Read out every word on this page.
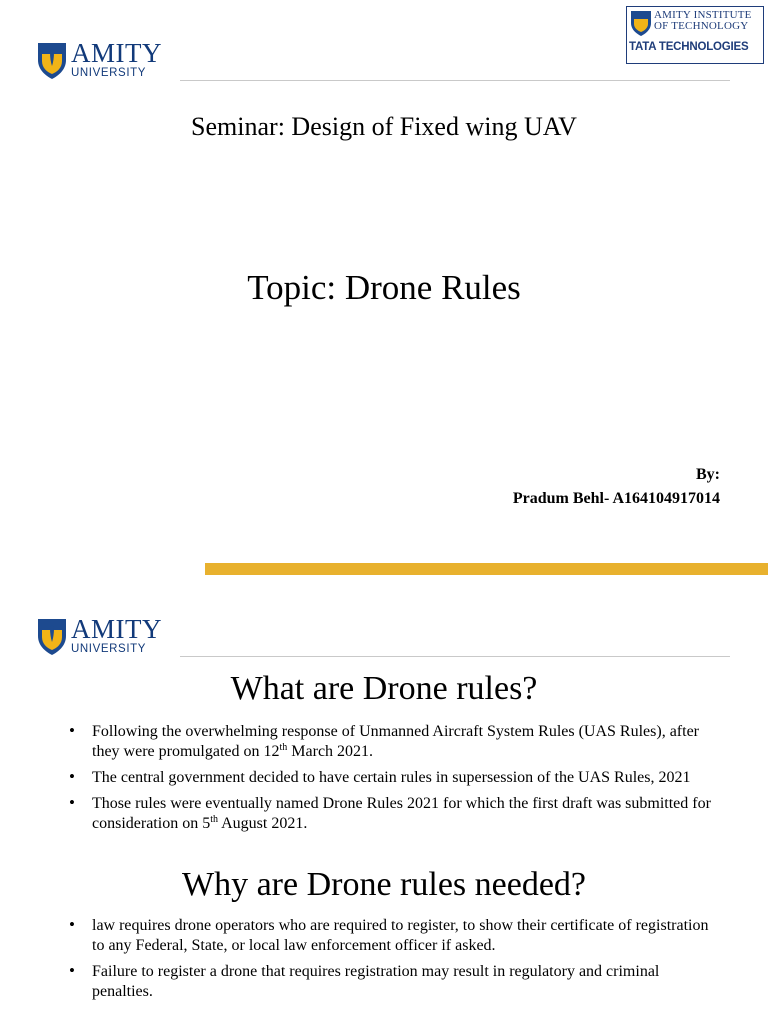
AMITY
UNIVERSITY
AMITY INSTITUTE
OF TECHNOLOGY
TATA TECHNOLOGIES
Seminar: Design of Fixed wing UAV
Topic: Drone Rules
By:
Pradum Behl- A164104917014
AMITY
UNIVERSITY
What are Drone rules?
• Following the overwhelming response of Unmanned Aircraft System Rules (UAS Rules), after they were promulgated on 12th March 2021.
• The central government decided to have certain rules in supersession of the UAS Rules, 2021
• Those rules were eventually named Drone Rules 2021 for which the first draft was submitted for consideration on 5th August 2021.
Why are Drone rules needed?
• law requires drone operators who are required to register, to show their certificate of registration to any Federal, State, or local law enforcement officer if asked.
• Failure to register a drone that requires registration may result in regulatory and criminal penalties.
